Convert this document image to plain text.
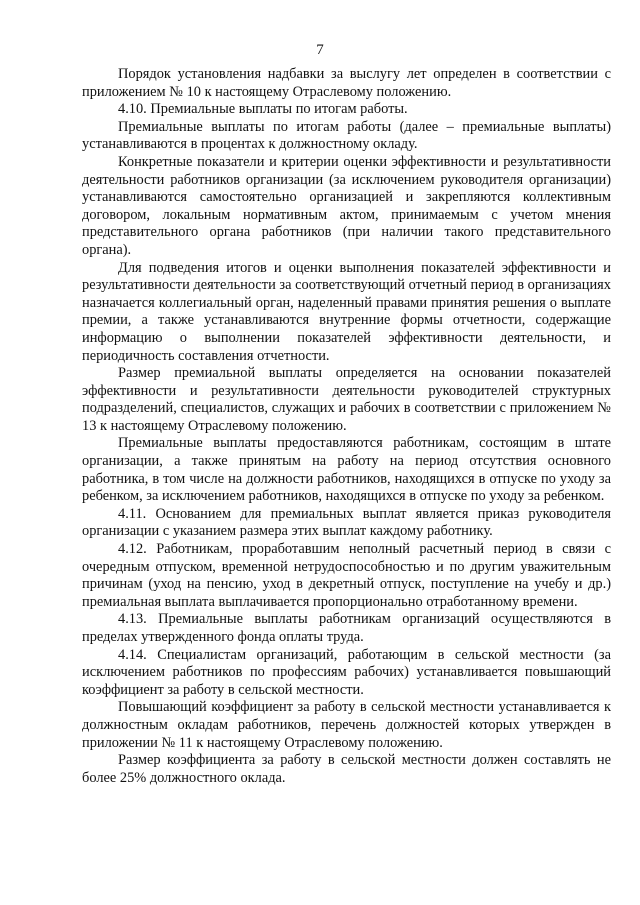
7

Порядок установления надбавки за выслугу лет определен в соответствии с приложением № 10 к настоящему Отраслевому положению.

4.10. Премиальные выплаты по итогам работы.

Премиальные выплаты по итогам работы (далее – премиальные выплаты) устанавливаются в процентах к должностному окладу.

Конкретные показатели и критерии оценки эффективности и результативности деятельности работников организации (за исключением руководителя организации) устанавливаются самостоятельно организацией и закрепляются коллективным договором, локальным нормативным актом, принимаемым с учетом мнения представительного органа работников (при наличии такого представительного органа).

Для подведения итогов и оценки выполнения показателей эффективности и результативности деятельности за соответствующий отчетный период в организациях назначается коллегиальный орган, наделенный правами принятия решения о выплате премии, а также устанавливаются внутренние формы отчетности, содержащие информацию о выполнении показателей эффективности деятельности, и периодичность составления отчетности.

Размер премиальной выплаты определяется на основании показателей эффективности и результативности деятельности руководителей структурных подразделений, специалистов, служащих и рабочих в соответствии с приложением № 13 к настоящему Отраслевому положению.

Премиальные выплаты предоставляются работникам, состоящим в штате организации, а также принятым на работу на период отсутствия основного работника, в том числе на должности работников, находящихся в отпуске по уходу за ребенком, за исключением работников, находящихся в отпуске по уходу за ребенком.

4.11. Основанием для премиальных выплат является приказ руководителя организации с указанием размера этих выплат каждому работнику.

4.12. Работникам, проработавшим неполный расчетный период в связи с очередным отпуском, временной нетрудоспособностью и по другим уважительным причинам (уход на пенсию, уход в декретный отпуск, поступление на учебу и др.) премиальная выплата выплачивается пропорционально отработанному времени.

4.13. Премиальные выплаты работникам организаций осуществляются в пределах утвержденного фонда оплаты труда.

4.14. Специалистам организаций, работающим в сельской местности (за исключением работников по профессиям рабочих) устанавливается повышающий коэффициент за работу в сельской местности.

Повышающий коэффициент за работу в сельской местности устанавливается к должностным окладам работников, перечень должностей которых утвержден в приложении № 11 к настоящему Отраслевому положению.

Размер коэффициента за работу в сельской местности должен составлять не более 25% должностного оклада.
